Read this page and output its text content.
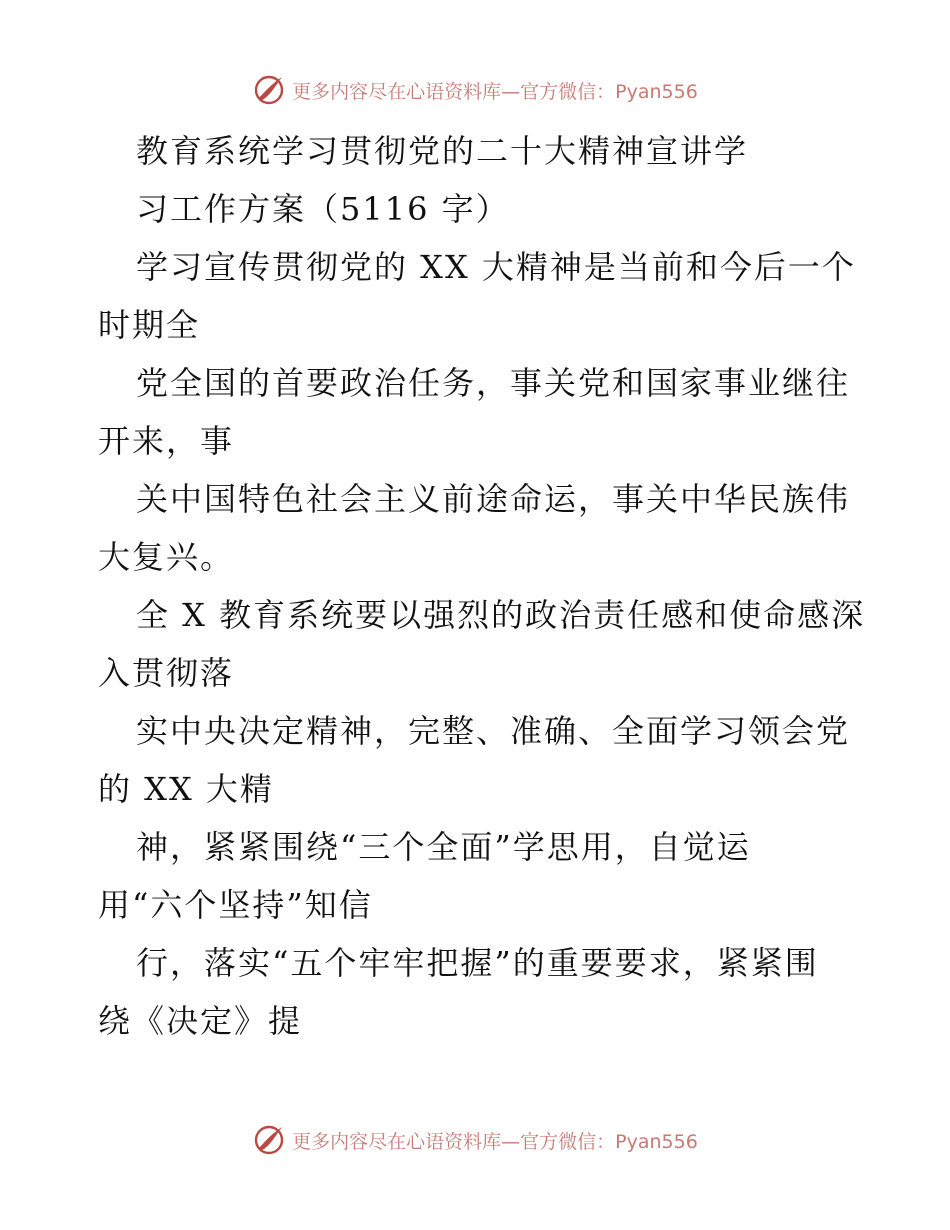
更多内容尽在心语资料库—官方微信：Pyan556
教育系统学习贯彻党的二十大精神宣讲学
习工作方案（5116 字）
学习宣传贯彻党的 XX 大精神是当前和今后一个
时期全
党全国的首要政治任务，事关党和国家事业继往
开来，事
关中国特色社会主义前途命运，事关中华民族伟
大复兴。
全 X 教育系统要以强烈的政治责任感和使命感深
入贯彻落
实中央决定精神，完整、准确、全面学习领会党
的 XX 大精
神，紧紧围绕“三个全面”学思用，自觉运
用“六个坚持”知信
行，落实“五个牢牢把握”的重要要求，紧紧围
绕《决定》提
更多内容尽在心语资料库—官方微信：Pyan556
